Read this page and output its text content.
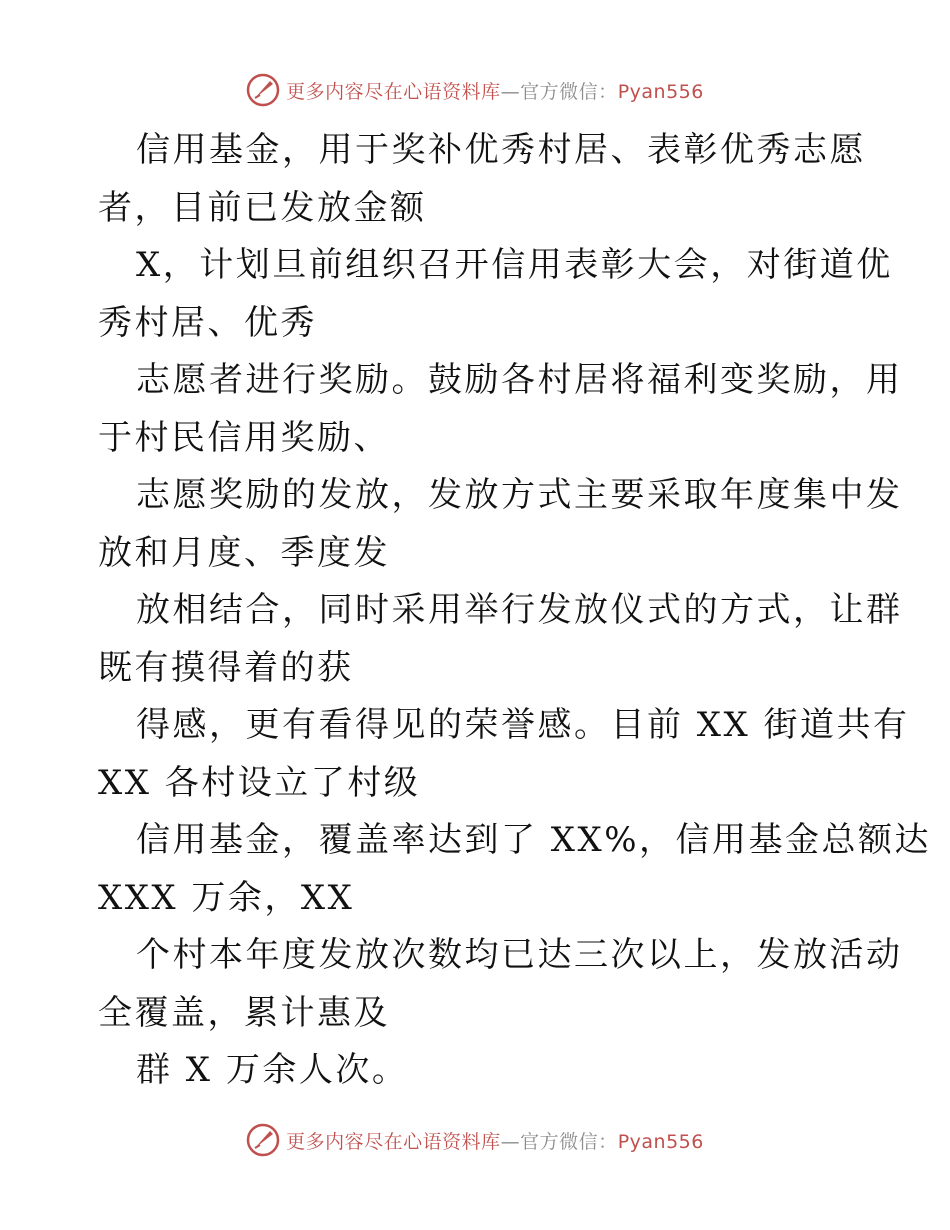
更多内容尽在心语资料库—官方微信：Pyan556
信用基金，用于奖补优秀村居、表彰优秀志愿
者，目前已发放金额
X，计划旦前组织召开信用表彰大会，对街道优
秀村居、优秀
志愿者进行奖励。鼓励各村居将福利变奖励，用
于村民信用奖励、
志愿奖励的发放，发放方式主要采取年度集中发
放和月度、季度发
放相结合，同时采用举行发放仪式的方式，让群
既有摸得着的获
得感，更有看得见的荣誉感。目前 XX 街道共有
XX 各村设立了村级
信用基金，覆盖率达到了 XX%，信用基金总额达
XXX 万余，XX
个村本年度发放次数均已达三次以上，发放活动
全覆盖，累计惠及
群 X 万余人次。
更多内容尽在心语资料库—官方微信：Pyan556
